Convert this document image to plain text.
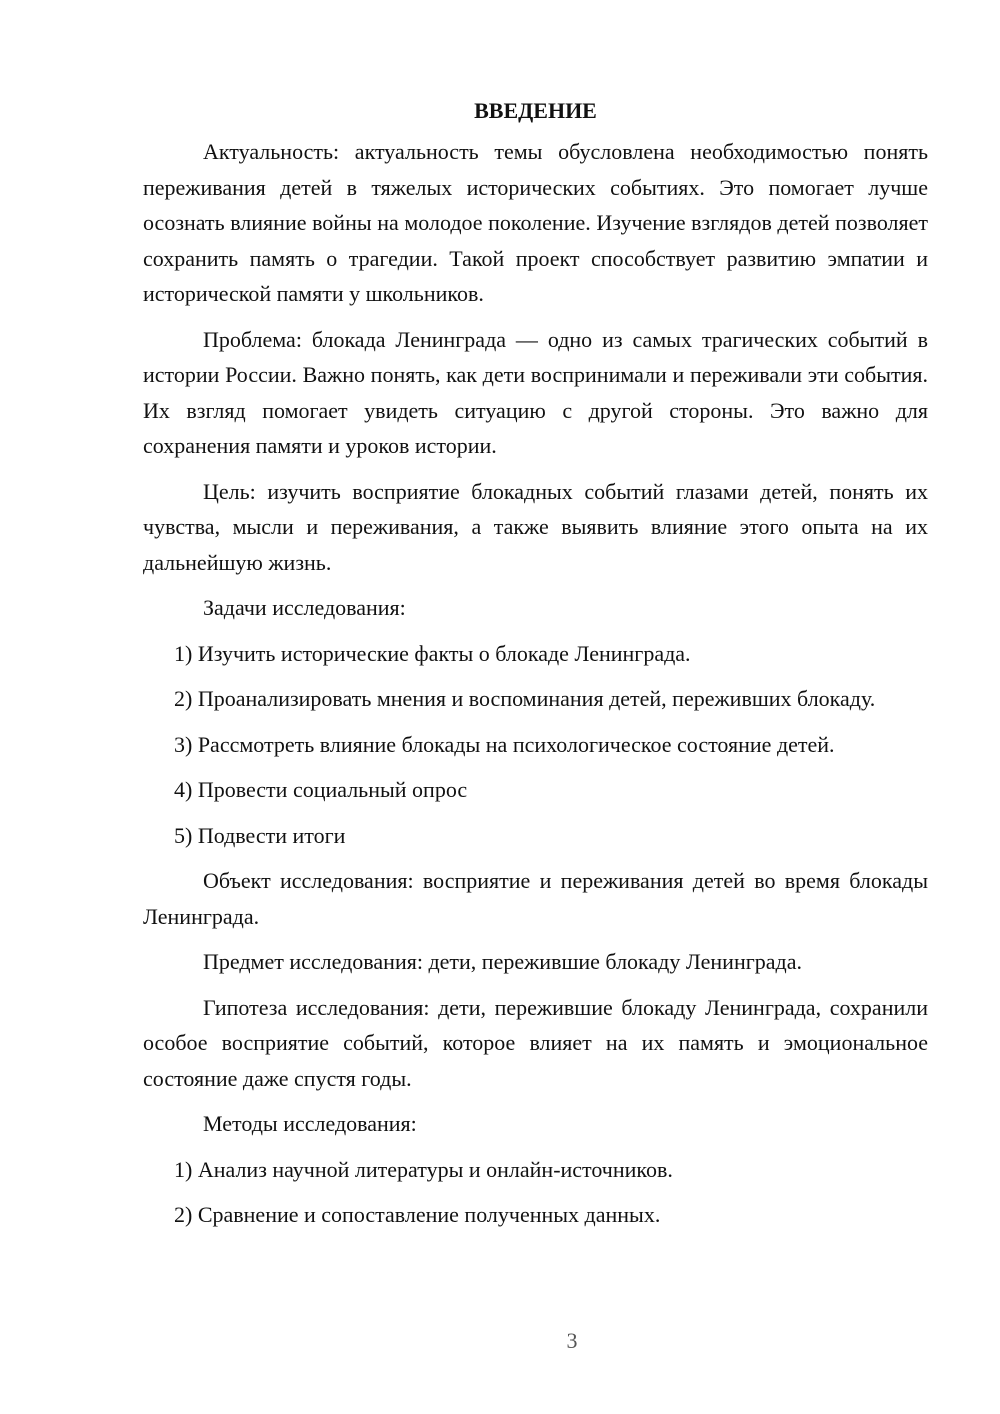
ВВЕДЕНИЕ

Актуальность: актуальность темы обусловлена необходимостью понять переживания детей в тяжелых исторических событиях. Это помогает лучше осознать влияние войны на молодое поколение. Изучение взглядов детей позволяет сохранить память о трагедии. Такой проект способствует развитию эмпатии и исторической памяти у школьников.

Проблема: блокада Ленинграда — одно из самых трагических событий в истории России. Важно понять, как дети воспринимали и переживали эти события. Их взгляд помогает увидеть ситуацию с другой стороны. Это важно для сохранения памяти и уроков истории.

Цель: изучить восприятие блокадных событий глазами детей, понять их чувства, мысли и переживания, а также выявить влияние этого опыта на их дальнейшую жизнь.

Задачи исследования:

1) Изучить исторические факты о блокаде Ленинграда.

2) Проанализировать мнения и воспоминания детей, переживших блокаду.

3) Рассмотреть влияние блокады на психологическое состояние детей.

4) Провести социальный опрос

5) Подвести итоги

Объект исследования: восприятие и переживания детей во время блокады Ленинграда.

Предмет исследования: дети, пережившие блокаду Ленинграда.

Гипотеза исследования: дети, пережившие блокаду Ленинграда, сохранили особое восприятие событий, которое влияет на их память и эмоциональное состояние даже спустя годы.

Методы исследования:

1) Анализ научной литературы и онлайн-источников.

2) Сравнение и сопоставление полученных данных.

3
